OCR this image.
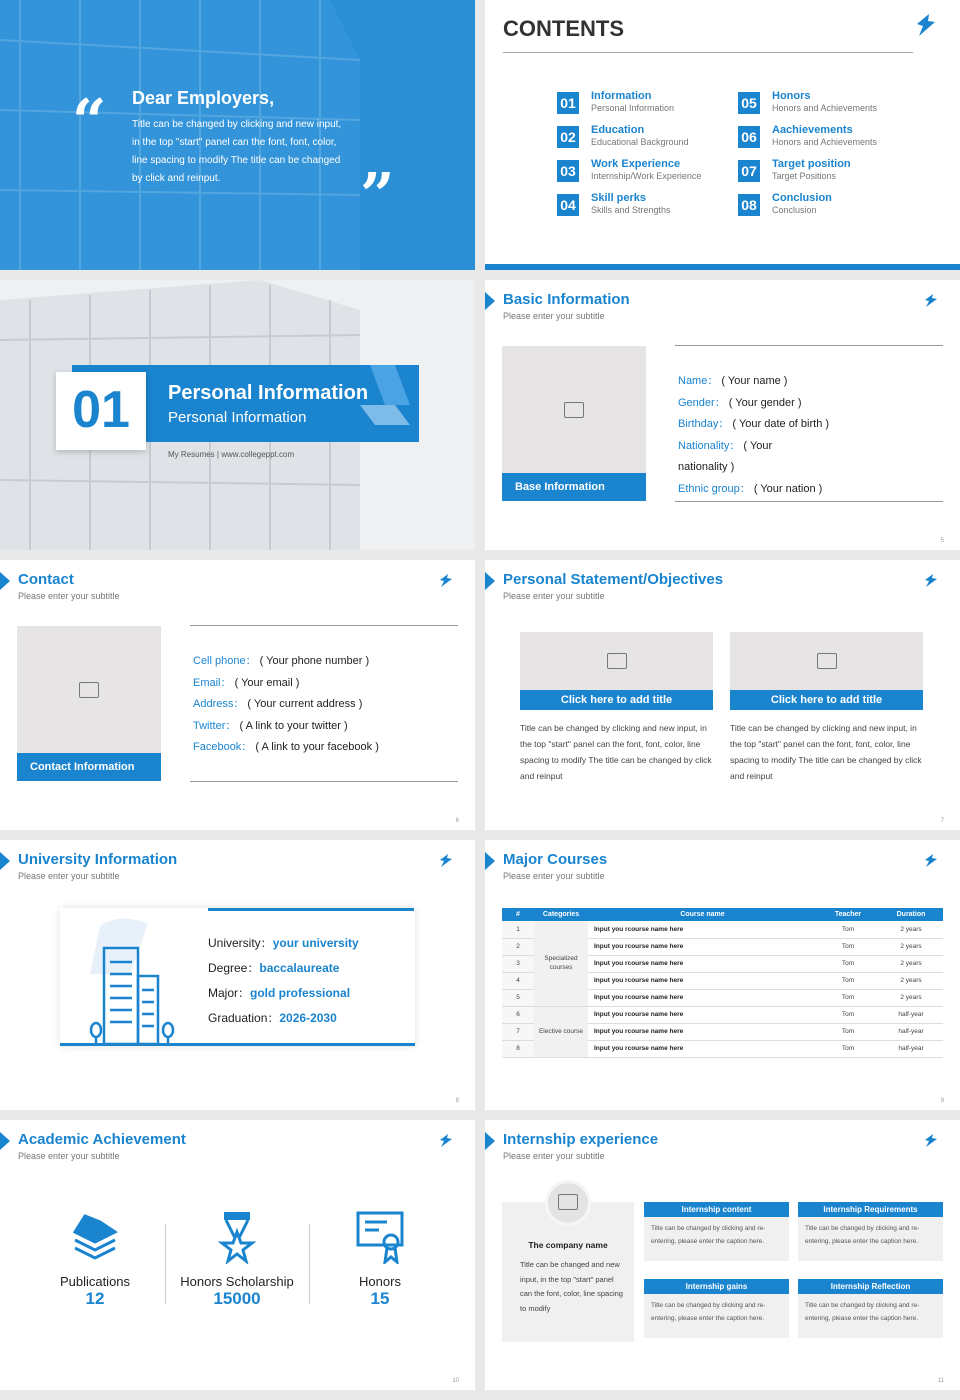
“ Dear Employers,

Title can be changed by clicking and new input, in the top "start" panel can the font, font, color, line spacing to modify The title can be changed by click and reinput.	”
CONTENTS
01 Information
Personal Information
02 Education
Educational Background
03 Work Experience
Internship/Work Experience
04 Skill perks
Skills and Strengths
05 Honors
Honors and Achievements
06 Aachievements
Honors and Achievements
07 Target position
Target Positions
08 Conclusion
Conclusion
01	Personal Information
Personal Information
My Resumes | www.collegeppt.com
Basic Information
Please enter your subtitle
Base Information
Name： ( Your name )
Gender： ( Your gender )
Birthday： ( Your date of birth )
Nationality： ( Your
nationality )
Ethnic group： ( Your nation )
5
Contact
Please enter your subtitle
Contact Information
Cell phone： ( Your phone number )
Email： ( Your email )
Address： ( Your current address )
Twitter： ( A link to your twitter )
Facebook： ( A link to your facebook )
6
Personal Statement/Objectives
Please enter your subtitle
Click here to add title
Title can be changed by clicking and new input, in the top "start" panel can the font, font, color, line spacing to modify The title can be changed by click and reinput
Click here to add title
Title can be changed by clicking and new input, in the top "start" panel can the font, font, color, line spacing to modify The title can be changed by click and reinput
7
University Information
Please enter your subtitle
University：your university
Degree：baccalaureate
Major：gold professional
Graduation：2026-2030
8
Major Courses
Please enter your subtitle
#	Categories	Course name	Teacher	Duration
1	Specialized courses	Input you rcourse name here	Tom	2 years
2		Input you rcourse name here	Tom	2 years
3		Input you rcourse name here	Tom	2 years
4		Input you rcourse name here	Tom	2 years
5		Input you rcourse name here	Tom	2 years
6	Elective course	Input you rcourse name here	Tom	half-year
7		Input you rcourse name here	Tom	half-year
8		Input you rcourse name here	Tom	half-year
9
Academic Achievement
Please enter your subtitle
Publications
12
Honors Scholarship
15000
Honors
15
10
Internship experience
Please enter your subtitle
The company name
Title can be changed and new input, in the top "start" panel can the font, color, line spacing to modify
Internship content
Title can be changed by clicking and re-entering, please enter the caption here.
Internship Requirements
Title can be changed by clicking and re-entering, please enter the caption here.
Internship gains
Title can be changed by clicking and re-entering, please enter the caption here.
Internship Reflection
Title can be changed by clicking and re-entering, please enter the caption here.
11
